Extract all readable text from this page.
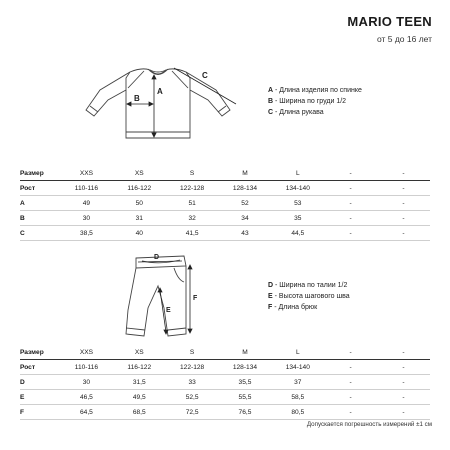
MARIO TEEN
от 5 до 16 лет
A
B
C
A - Длина изделия по спинке
B - Ширина по груди 1/2
C - Длина рукава
Размер	XXS	XS	S	M	L	-	-
Рост	110-116	116-122	122-128	128-134	134-140	-	-
A	49	50	51	52	53	-	-
B	30	31	32	34	35	-	-
C	38,5	40	41,5	43	44,5	-	-
D
E
F
D - Ширина по талии 1/2
E - Высота шагового шва
F - Длина брюк
Размер	XXS	XS	S	M	L	-	-
Рост	110-116	116-122	122-128	128-134	134-140	-	-
D	30	31,5	33	35,5	37	-	-
E	46,5	49,5	52,5	55,5	58,5	-	-
F	64,5	68,5	72,5	76,5	80,5	-	-
Допускается погрешность измерений ±1 см
